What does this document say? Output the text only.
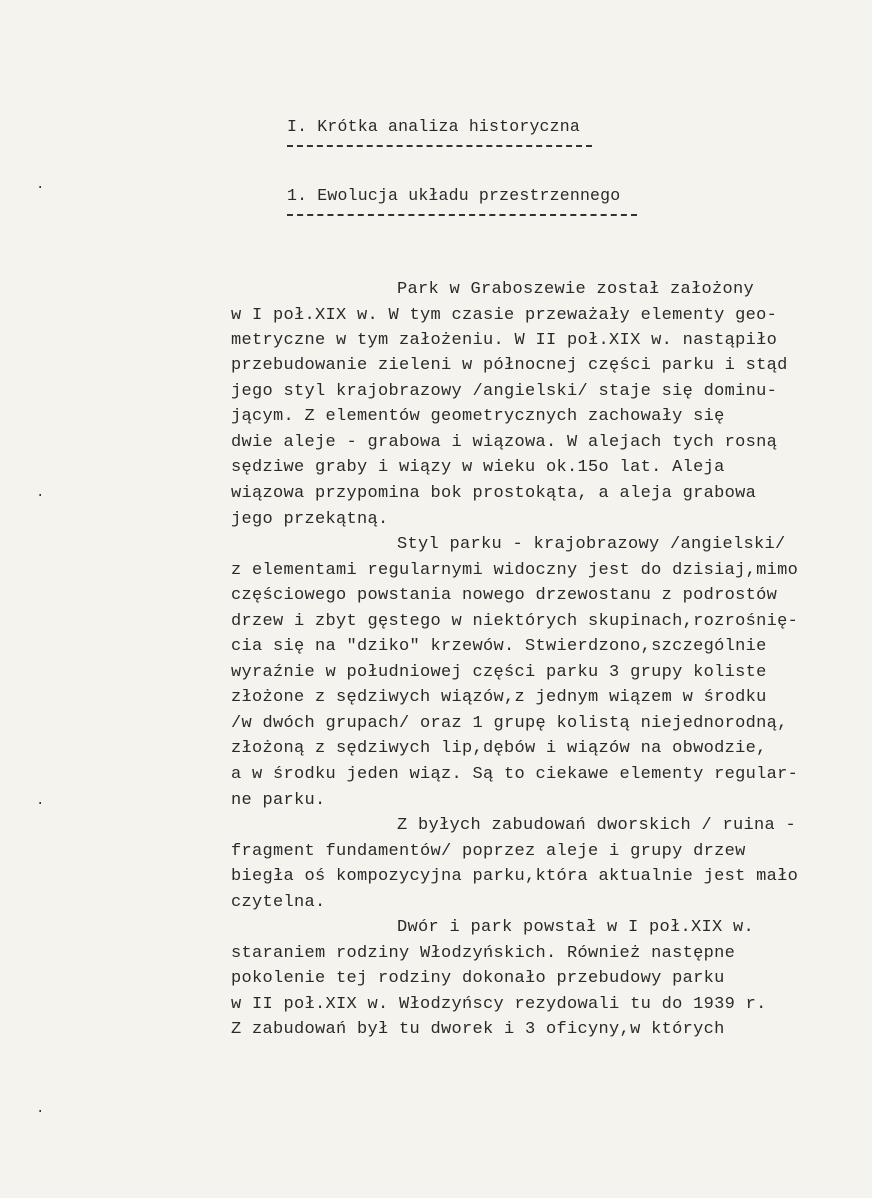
·
·
·
·
I. Krótka analiza historyczna
1. Ewolucja układu przestrzennego
Park w Graboszewie został założony
w I poł.XIX w. W tym czasie przeważały elementy geo-
metryczne w tym założeniu. W II poł.XIX w. nastąpiło
przebudowanie zieleni w północnej części parku i stąd
jego styl krajobrazowy /angielski/ staje się dominu-
jącym. Z elementów geometrycznych zachowały się
dwie aleje - grabowa i wiązowa. W alejach tych rosną
sędziwe graby i wiązy w wieku ok.15o lat. Aleja
wiązowa przypomina bok prostokąta, a aleja grabowa
jego przekątną.
Styl parku - krajobrazowy /angielski/
z elementami regularnymi widoczny jest do dzisiaj,mimo
częściowego powstania nowego drzewostanu z podrostów
drzew i zbyt gęstego w niektórych skupinach,rozrośnię-
cia się na "dziko" krzewów. Stwierdzono,szczególnie
wyraźnie w południowej części parku 3 grupy koliste
złożone z sędziwych wiązów,z jednym wiązem w środku
/w dwóch grupach/ oraz 1 grupę kolistą niejednorodną,
złożoną z sędziwych lip,dębów i wiązów na obwodzie,
a w środku jeden wiąz. Są to ciekawe elementy regular-
ne parku.
Z byłych zabudowań dworskich / ruina -
fragment fundamentów/ poprzez aleje i grupy drzew
biegła oś kompozycyjna parku,która aktualnie jest mało
czytelna.
Dwór i park powstał w I poł.XIX w.
staraniem rodziny Włodzyńskich. Również następne
pokolenie tej rodziny dokonało przebudowy parku
w II poł.XIX w. Włodzyńscy rezydowali tu do 1939 r.
Z zabudowań był tu dworek i 3 oficyny,w których
